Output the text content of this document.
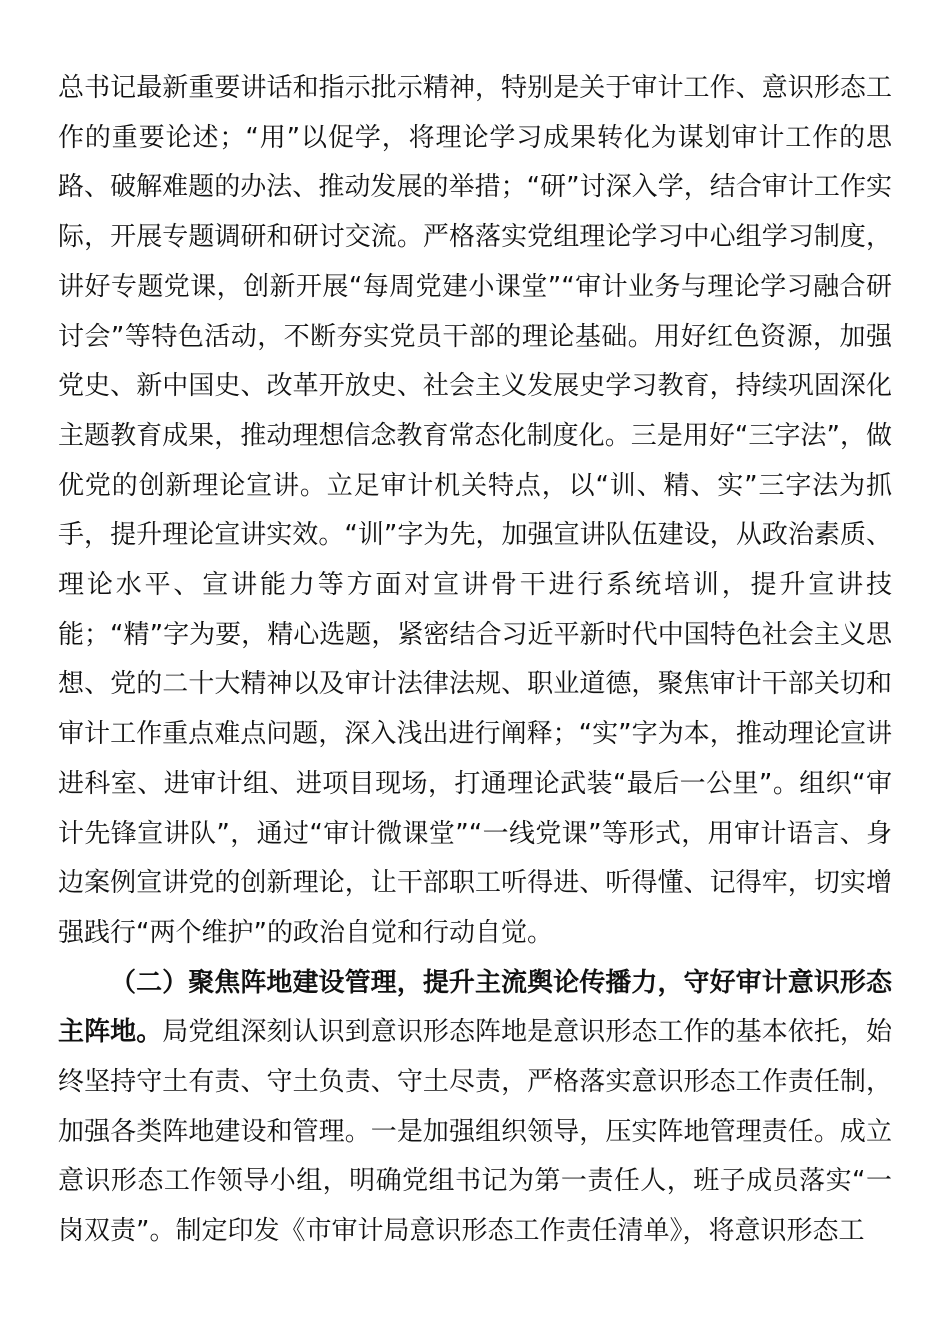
总书记最新重要讲话和指示批示精神，特别是关于审计工作、意识形态工作的重要论述；“用”以促学，将理论学习成果转化为谋划审计工作的思路、破解难题的办法、推动发展的举措；“研”讨深入学，结合审计工作实际，开展专题调研和研讨交流。严格落实党组理论学习中心组学习制度，讲好专题党课，创新开展“每周党建小课堂”“审计业务与理论学习融合研讨会”等特色活动，不断夯实党员干部的理论基础。用好红色资源，加强党史、新中国史、改革开放史、社会主义发展史学习教育，持续巩固深化主题教育成果，推动理想信念教育常态化制度化。三是用好“三字法”，做优党的创新理论宣讲。立足审计机关特点，以“训、精、实”三字法为抓手，提升理论宣讲实效。“训”字为先，加强宣讲队伍建设，从政治素质、理论水平、宣讲能力等方面对宣讲骨干进行系统培训，提升宣讲技能；“精”字为要，精心选题，紧密结合习近平新时代中国特色社会主义思想、党的二十大精神以及审计法律法规、职业道德，聚焦审计干部关切和审计工作重点难点问题，深入浅出进行阐释；“实”字为本，推动理论宣讲进科室、进审计组、进项目现场，打通理论武装“最后一公里”。组织“审计先锋宣讲队”，通过“审计微课堂”“一线党课”等形式，用审计语言、身边案例宣讲党的创新理论，让干部职工听得进、听得懂、记得牢，切实增强践行“两个维护”的政治自觉和行动自觉。

（二）聚焦阵地建设管理，提升主流舆论传播力，守好审计意识形态主阵地。局党组深刻认识到意识形态阵地是意识形态工作的基本依托，始终坚持守土有责、守土负责、守土尽责，严格落实意识形态工作责任制，加强各类阵地建设和管理。一是加强组织领导，压实阵地管理责任。成立意识形态工作领导小组，明确党组书记为第一责任人，班子成员落实“一岗双责”。制定印发《市审计局意识形态工作责任清单》，将意识形态工
